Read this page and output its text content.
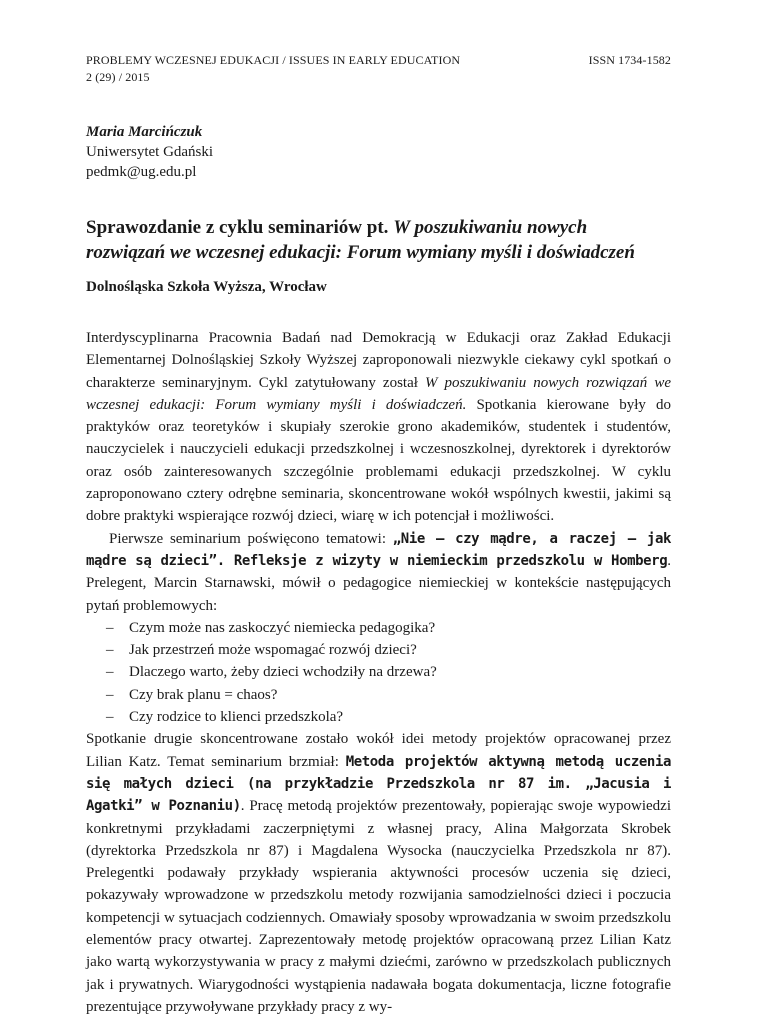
PROBLEMY WCZESNEJ EDUKACJI / ISSUES IN EARLY EDUCATION
2 (29) / 2015
ISSN 1734-1582
Maria Marcińczuk
Uniwersytet Gdański
pedmk@ug.edu.pl
Sprawozdanie z cyklu seminariów pt. W poszukiwaniu nowych rozwiązań we wczesnej edukacji: Forum wymiany myśli i doświadczeń
Dolnośląska Szkoła Wyższa, Wrocław

Interdyscyplinarna Pracownia Badań nad Demokracją w Edukacji oraz Zakład Edukacji Elementarnej Dolnośląskiej Szkoły Wyższej zaproponowali niezwykle ciekawy cykl spotkań o charakterze seminaryjnym. Cykl zatytułowany został W poszukiwaniu nowych rozwiązań we wczesnej edukacji: Forum wymiany myśli i doświadczeń. Spotkania kierowane były do praktyków oraz teoretyków i skupiały szerokie grono akademików, studentek i studentów, nauczycielek i nauczycieli edukacji przedszkolnej i wczesnoszkolnej, dyrektorek i dyrektorów oraz osób zainteresowanych szczególnie problemami edukacji przedszkolnej. W cyklu zaproponowano cztery odrębne seminaria, skoncentrowane wokół wspólnych kwestii, jakimi są dobre praktyki wspierające rozwój dzieci, wiarę w ich potencjał i możliwości.

Pierwsze seminarium poświęcono tematowi: „Nie – czy mądre, a raczej – jak mądre są dzieci”. Refleksje z wizyty w niemieckim przedszkolu w Homberg. Prelegent, Marcin Starnawski, mówił o pedagogice niemieckiej w kontekście następujących pytań problemowych:

– Czym może nas zaskoczyć niemiecka pedagogika?
– Jak przestrzeń może wspomagać rozwój dzieci?
– Dlaczego warto, żeby dzieci wchodziły na drzewa?
– Czy brak planu = chaos?
– Czy rodzice to klienci przedszkola?

Spotkanie drugie skoncentrowane zostało wokół idei metody projektów opracowanej przez Lilian Katz. Temat seminarium brzmiał: Metoda projektów aktywną metodą uczenia się małych dzieci (na przykładzie Przedszkola nr 87 im. „Jacusia i Agatki” w Poznaniu). Pracę metodą projektów prezentowały, popierając swoje wypowiedzi konkretnymi przykładami zaczerpniętymi z własnej pracy, Alina Małgorzata Skrobek (dyrektorka Przedszkola nr 87) i Magdalena Wysocka (nauczycielka Przedszkola nr 87). Prelegentki podawały przykłady wspierania aktywności procesów uczenia się dzieci, pokazywały wprowadzone w przedszkolu metody rozwijania samodzielności dzieci i poczucia kompetencji w sytuacjach codziennych. Omawiały sposoby wprowadzania w swoim przedszkolu elementów pracy otwartej. Zaprezentowały metodę projektów opracowaną przez Lilian Katz jako wartą wykorzystywania w pracy z małymi dziećmi, zarówno w przedszkolach publicznych jak i prywatnych. Wiarygodności wystąpienia nadawała bogata dokumentacja, liczne fotografie prezentujące przywoływane przykłady pracy z wy-
